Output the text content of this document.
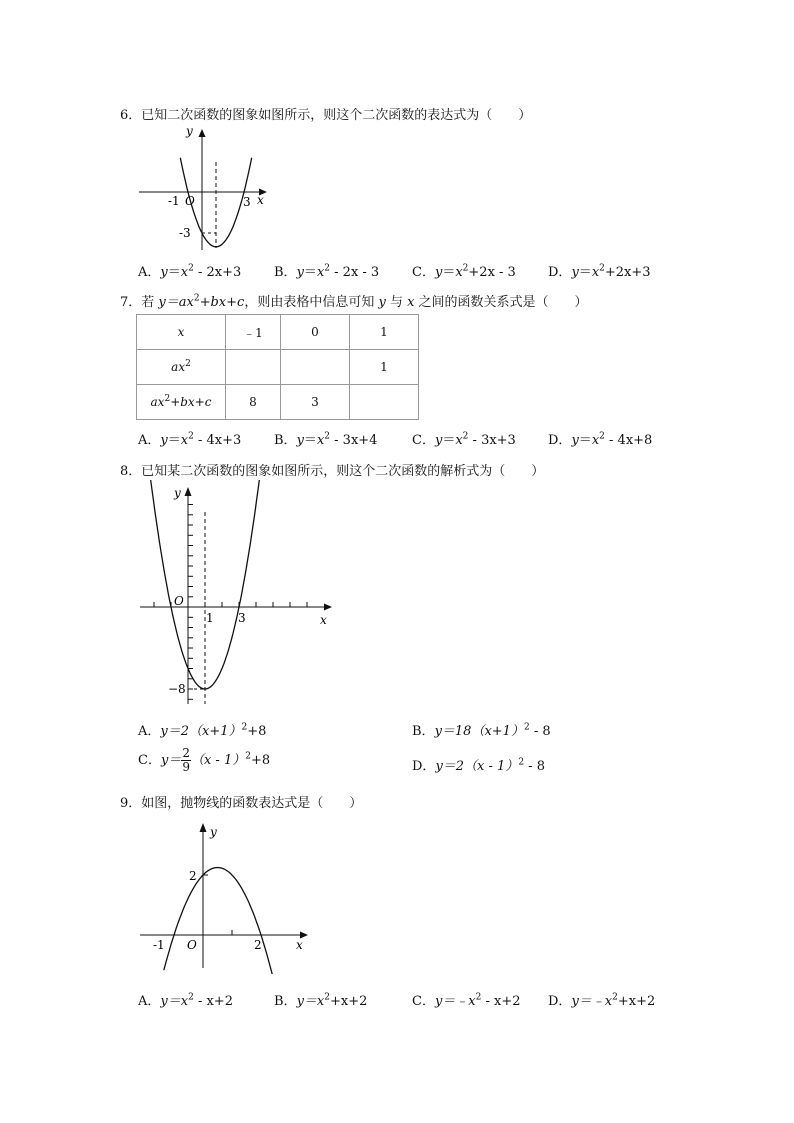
6．已知二次函数的图象如图所示，则这个二次函数的表达式为（　　）
y
x
O
-1	3
-3
A．$y=x^2 - 2x+3$	B．$y=x^2 - 2x - 3$	C．$y=x^2+2x - 3$ D．$y=x^2+2x+3$
7．若 $y=ax^2+bx+c$，则由表格中信息可知 y 与 x 之间的函数关系式是（　　）
x	﹣1	0	1
$ax^2$			1
$ax^2+bx+c$	8	3	
A．$y=x^2 - 4x+3$	B．$y=x^2 - 3x+4$	C．$y=x^2 - 3x+3$ D．$y=x^2 - 4x+8$
8．已知某二次函数的图象如图所示，则这个二次函数的解析式为（　　）
y
x
O
1 3
−8
A．$y=2(x+1)^2+8$	B．$y=18(x+1)^2 - 8$
C．$y= \frac{2}{9} (x - 1)^2+8$	D．y＝2（x - 1）$^2$ - 8
9．如图，抛物线的函数表达式是（　　）
y
x
O
-1	2
2
A．$y=x^2 - x+2$	B．$y=x^2+x+2$	C．$y=﹣x^2 - x+2$ D．$y=﹣x^2+x+2$
